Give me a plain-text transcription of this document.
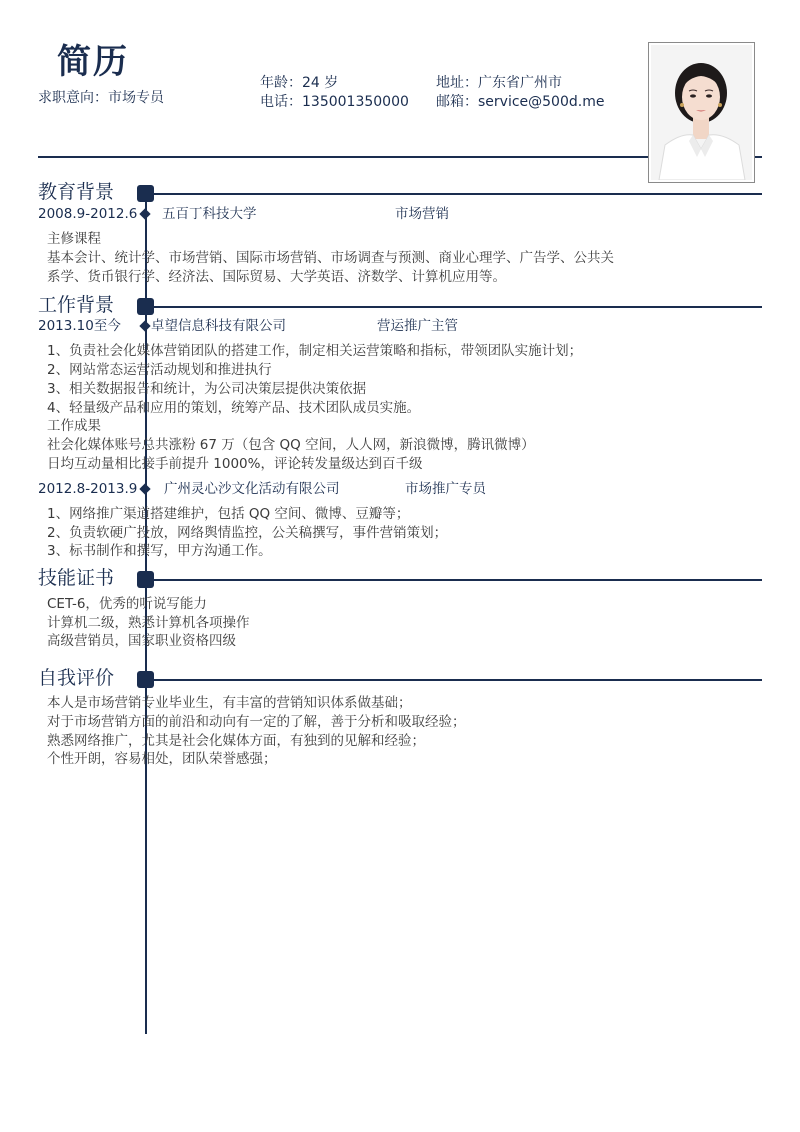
简历
求职意向：市场专员
年龄：24 岁
电话：135001350000
地址：广东省广州市
邮箱：service@500d.me
教育背景
2008.9-2012.6 五百丁科技大学	市场营销
主修课程
基本会计、统计学、市场营销、国际市场营销、市场调查与预测、商业心理学、广告学、公共关
系学、货币银行学、经济法、国际贸易、大学英语、济数学、计算机应用等。
工作背景
2013.10至今 卓望信息科技有限公司	营运推广主管
1、负责社会化媒体营销团队的搭建工作，制定相关运营策略和指标，带领团队实施计划；
2、网站常态运营活动规划和推进执行
3、相关数据报告和统计，为公司决策层提供决策依据
4、轻量级产品和应用的策划，统筹产品、技术团队成员实施。
工作成果
社会化媒体账号总共涨粉 67 万（包含 QQ 空间，人人网，新浪微博，腾讯微博）
日均互动量相比接手前提升 1000%，评论转发量级达到百千级
2012.8-2013.9 广州灵心沙文化活动有限公司	市场推广专员
1、网络推广渠道搭建维护，包括 QQ 空间、微博、豆瓣等；
2、负责软硬广投放，网络舆情监控，公关稿撰写，事件营销策划；
3、标书制作和撰写，甲方沟通工作。
技能证书
CET-6，优秀的听说写能力
计算机二级，熟悉计算机各项操作
高级营销员，国家职业资格四级
自我评价
本人是市场营销专业毕业生，有丰富的营销知识体系做基础；
对于市场营销方面的前沿和动向有一定的了解，善于分析和吸取经验；
熟悉网络推广，尤其是社会化媒体方面，有独到的见解和经验；
个性开朗，容易相处，团队荣誉感强；
